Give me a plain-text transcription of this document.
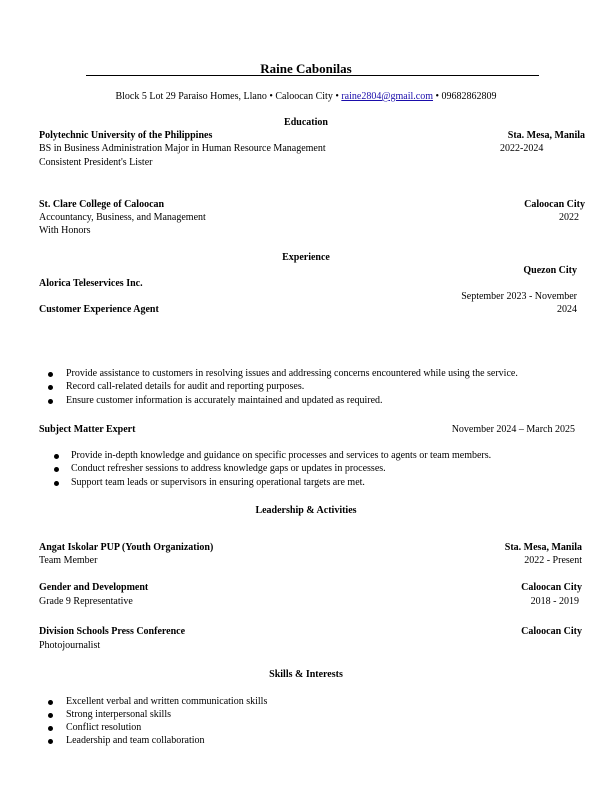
Raine Cabonilas
Block 5 Lot 29 Paraiso Homes, Llano • Caloocan City • raine2804@gmail.com • 09682862809
Education
Polytechnic University of the Philippines	Sta. Mesa, Manila
BS in Business Administration Major in Human Resource Management	2022-2024
Consistent President's Lister
St. Clare College of Caloocan	Caloocan City
Accountancy, Business, and Management	2022
With Honors
Experience
Quezon City
Alorica Teleservices Inc.
September 2023 - November
Customer Experience Agent	2024
Provide assistance to customers in resolving issues and addressing concerns encountered while using the service.
Record call-related details for audit and reporting purposes.
Ensure customer information is accurately maintained and updated as required.
Subject Matter Expert	November 2024 – March 2025
Provide in-depth knowledge and guidance on specific processes and services to agents or team members.
Conduct refresher sessions to address knowledge gaps or updates in processes.
Support team leads or supervisors in ensuring operational targets are met.
Leadership & Activities
Angat Iskolar PUP (Youth Organization)	Sta. Mesa, Manila
Team Member	2022 - Present
Gender and Development	Caloocan City
Grade 9 Representative	2018 - 2019
Division Schools Press Conference	Caloocan City
Photojournalist
Skills & Interests
Excellent verbal and written communication skills
Strong interpersonal skills
Conflict resolution
Leadership and team collaboration
